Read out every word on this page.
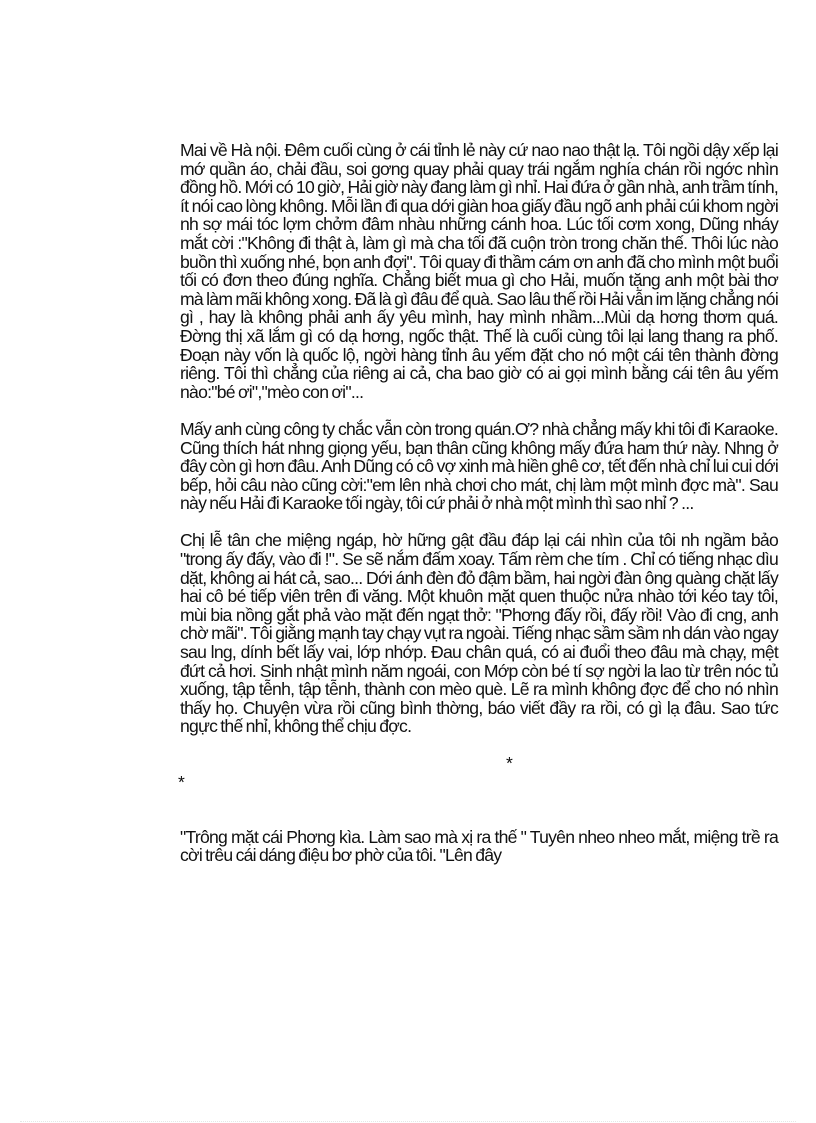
Mai về Hà nội. Đêm cuối cùng ở cái tỉnh lẻ này cứ nao nao thật lạ. Tôi ngồi dậy xếp lại mớ quần áo, chải đầu, soi gơng quay phải quay trái ngắm nghía chán rồi ngớc nhìn đồng hồ. Mới có 10 giờ, Hải giờ này đang làm gì nhỉ. Hai đứa ở gần nhà, anh trầm tính, ít nói cao lòng không. Mỗi lần đi qua dới giàn hoa giấy đầu ngõ anh phải cúi khom ngời nh sợ mái tóc lợm chởm đâm nhàu những cánh hoa. Lúc tối cơm xong, Dũng nháy mắt cời :"Không đi thật à, làm gì mà cha tối đã cuộn tròn trong chăn thế. Thôi lúc nào buồn thì xuống nhé, bọn anh đợi". Tôi quay đi thầm cám ơn anh đã cho mình một buổi tối có đơn theo đúng nghĩa. Chẳng biết mua gì cho Hải, muốn tặng anh một bài thơ mà làm mãi không xong. Đã là gì đâu để quà. Sao lâu thế rồi Hải vẫn im lặng chẳng nói gì , hay là không phải anh ấy yêu mình, hay mình nhầm...Mùi dạ hơng thơm quá. Đờng thị xã lắm gì có dạ hơng, ngốc thật. Thế là cuối cùng tôi lại lang thang ra phố. Đoạn này vốn là quốc lộ, ngời hàng tỉnh âu yếm đặt cho nó một cái tên thành đờng riêng. Tôi thì chẳng của riêng ai cả, cha bao giờ có ai gọi mình bằng cái tên âu yếm nào:"bé ơi","mèo con ơi"...

Mấy anh cùng công ty chắc vẫn còn trong quán.Ơ? nhà chẳng mấy khi tôi đi Karaoke. Cũng thích hát nhng giọng yếu, bạn thân cũng không mấy đứa ham thứ này. Nhng ở đây còn gì hơn đâu. Anh Dũng có cô vợ xinh mà hiền ghê cơ, tết đến nhà chỉ lui cui dới bếp, hỏi câu nào cũng cời:"em lên nhà chơi cho mát, chị làm một mình đợc mà". Sau này nếu Hải đi Karaoke tối ngày, tôi cứ phải ở nhà một mình thì sao nhỉ ? ...

Chị lễ tân che miệng ngáp, hờ hững gật đầu đáp lại cái nhìn của tôi nh ngầm bảo "trong ấy đấy, vào đi !". Se sẽ nắm đấm xoay. Tấm rèm che tím . Chỉ có tiếng nhạc dìu dặt, không ai hát cả, sao... Dới ánh đèn đỏ đậm bầm, hai ngời đàn ông quàng chặt lấy hai cô bé tiếp viên trên đi văng. Một khuôn mặt quen thuộc nửa nhào tới kéo tay tôi, mùi bia nồng gắt phả vào mặt đến ngạt thở: "Phơng đấy rồi, đấy rồi! Vào đi cng, anh chờ mãi". Tôi giằng mạnh tay chạy vụt ra ngoài. Tiếng nhạc sầm sầm nh dán vào ngay sau lng, dính bết lấy vai, lớp nhớp. Đau chân quá, có ai đuổi theo đâu mà chạy, mệt đứt cả hơi. Sinh nhật mình năm ngoái, con Mớp còn bé tí sợ ngời la lao từ trên nóc tủ xuống, tập tễnh, tập tễnh, thành con mèo què. Lẽ ra mình không đợc để cho nó nhìn thấy họ. Chuyện vừa rồi cũng bình thờng, báo viết đầy ra rồi, có gì lạ đâu. Sao tức ngực thế nhỉ, không thể chịu đợc.

*

*

"Trông mặt cái Phơng kìa. Làm sao mà xị ra thế " Tuyên nheo nheo mắt, miệng trề ra cời trêu cái dáng điệu bơ phờ của tôi. "Lên đây
